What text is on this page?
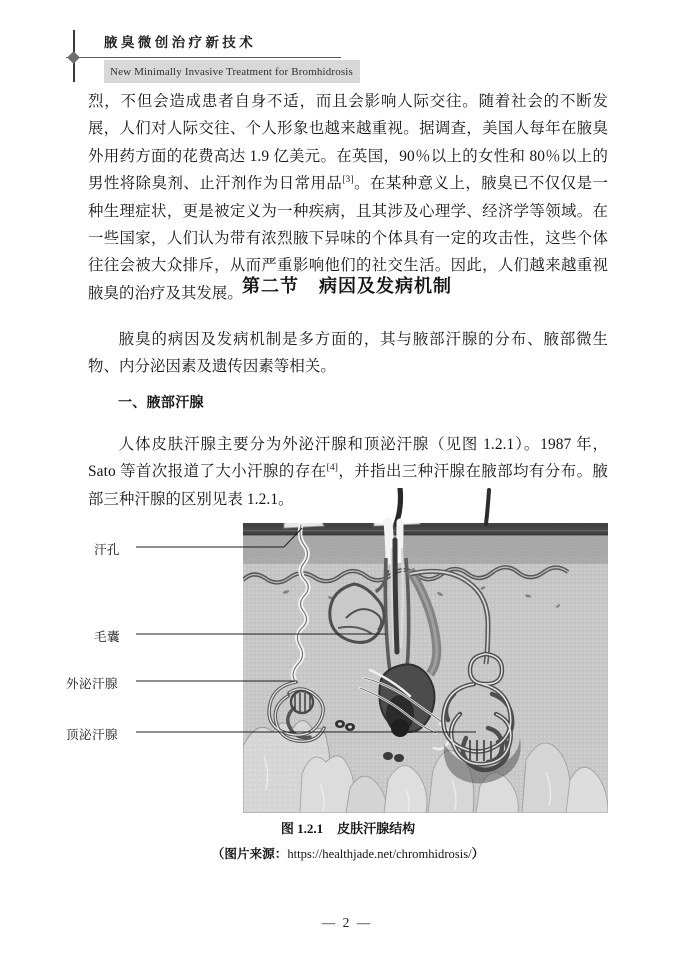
腋臭微创治疗新技术
New Minimally Invasive Treatment for Bromhidrosis

烈，不但会造成患者自身不适，而且会影响人际交往。随着社会的不断发展，人们对人际交往、个人形象也越来越重视。据调查，美国人每年在腋臭外用药方面的花费高达 1.9 亿美元。在英国，90％以上的女性和 80％以上的男性将除臭剂、止汗剂作为日常用品[3]。在某种意义上，腋臭已不仅仅是一种生理症状，更是被定义为一种疾病，且其涉及心理学、经济学等领域。在一些国家，人们认为带有浓烈腋下异味的个体具有一定的攻击性，这些个体往往会被大众排斥，从而严重影响他们的社交生活。因此，人们越来越重视腋臭的治疗及其发展。 第二节 病因及发病机制

腋臭的病因及发病机制是多方面的，其与腋部汗腺的分布、腋部微生物、内分泌因素及遗传因素等相关。

一、腋部汗腺

人体皮肤汗腺主要分为外泌汗腺和顶泌汗腺（见图 1.2.1）。1987 年，Sato 等首次报道了大小汗腺的存在[4]，并指出三种汗腺在腋部均有分布。腋部三种汗腺的区别见表 1.2.1。

汗孔
毛囊
外泌汗腺
顶泌汗腺
图 1.2.1 皮肤汗腺结构
（图片来源：https://healthjade.net/chromhidrosis/）
— 2 —
